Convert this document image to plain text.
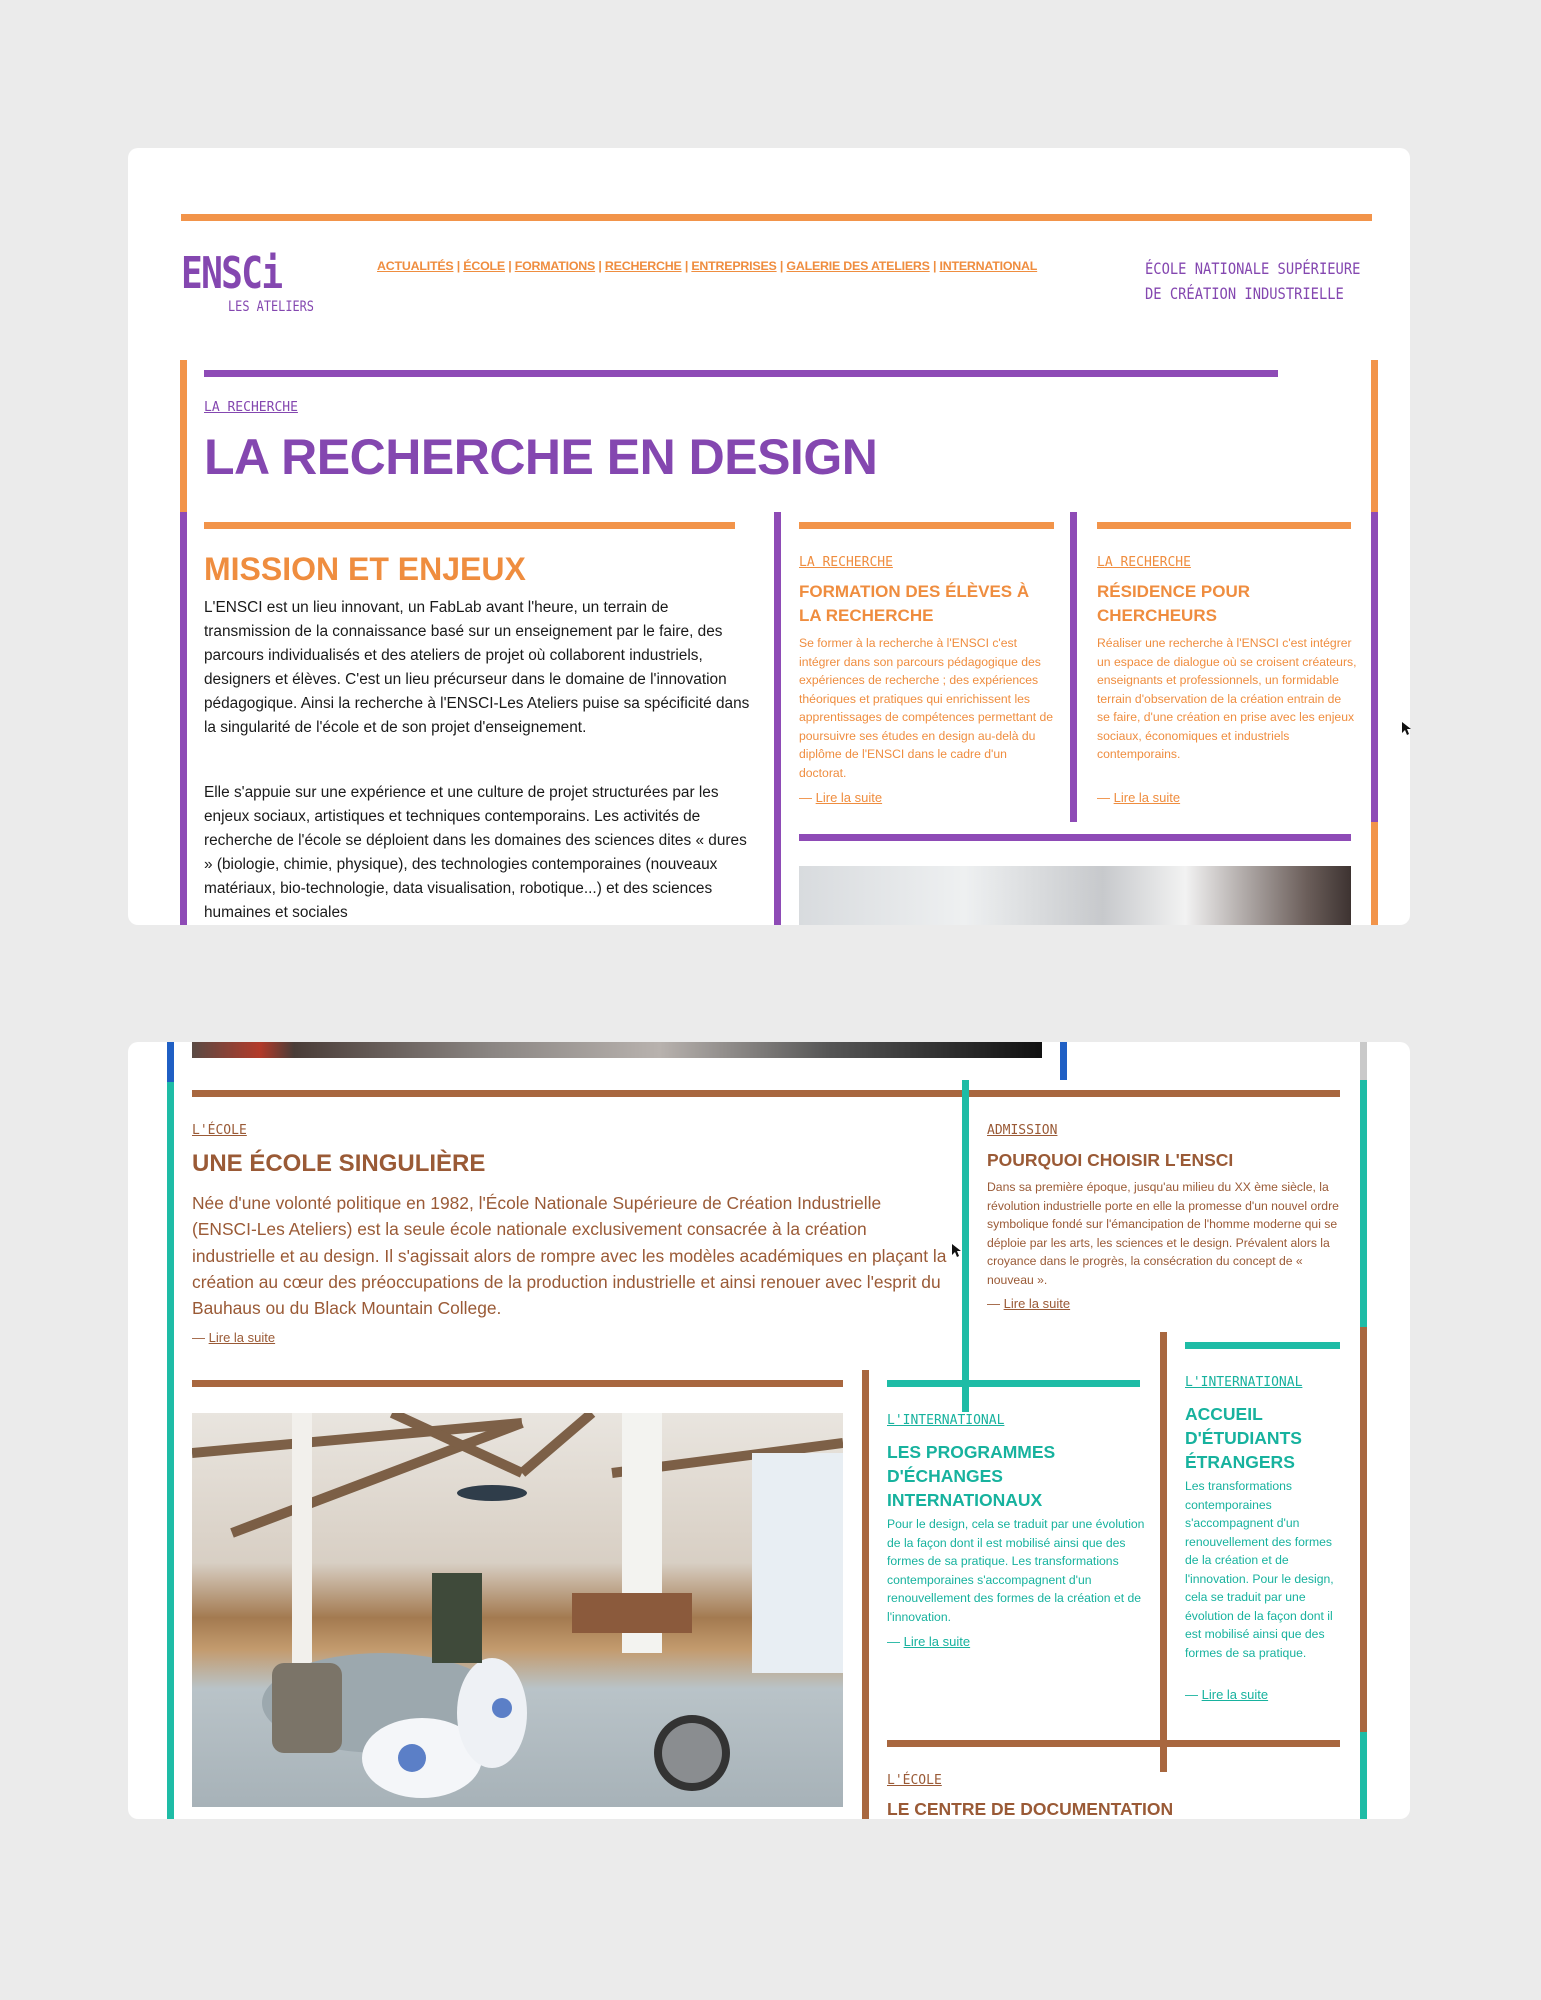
ENSCi
LES ATELIERS
ACTUALITÉS | ÉCOLE | FORMATIONS | RECHERCHE | ENTREPRISES | GALERIE DES ATELIERS | INTERNATIONAL	ÉCOLE NATIONALE SUPÉRIEURE
DE CRÉATION INDUSTRIELLE
LA RECHERCHE
LA RECHERCHE EN DESIGN
MISSION ET ENJEUX

L'ENSCI est un lieu innovant, un FabLab avant l'heure, un terrain de transmission de la connaissance basé sur un enseignement par le faire, des parcours individualisés et des ateliers de projet où collaborent industriels, designers et élèves. C'est un lieu précurseur dans le domaine de l'innovation pédagogique. Ainsi la recherche à l'ENSCI-Les Ateliers puise sa spécificité dans la singularité de l'école et de son projet d'enseignement.

Elle s'appuie sur une expérience et une culture de projet structurées par les enjeux sociaux, artistiques et techniques contemporains. Les activités de recherche de l'école se déploient dans les domaines des sciences dites « dures » (biologie, chimie, physique), des technologies contemporaines (nouveaux matériaux, bio-technologie, data visualisation, robotique...) et des sciences humaines et sociales

LA RECHERCHE
FORMATION DES ÉLÈVES À LA RECHERCHE

Se former à la recherche à l'ENSCI c'est intégrer dans son parcours pédagogique des expériences de recherche ; des expériences théoriques et pratiques qui enrichissent les apprentissages de compétences permettant de poursuivre ses études en design au-delà du diplôme de l'ENSCI dans le cadre d'un doctorat.

— Lire la suite
LA RECHERCHE
RÉSIDENCE POUR CHERCHEURS

Réaliser une recherche à l'ENSCI c'est intégrer un espace de dialogue où se croisent créateurs, enseignants et professionnels, un formidable terrain d'observation de la création entrain de se faire, d'une création en prise avec les enjeux sociaux, économiques et industriels contemporains.

— Lire la suite
L'ÉCOLE
UNE ÉCOLE SINGULIÈRE

Née d'une volonté politique en 1982, l'École Nationale Supérieure de Création Industrielle (ENSCI-Les Ateliers) est la seule école nationale exclusivement consacrée à la création industrielle et au design. Il s'agissait alors de rompre avec les modèles académiques en plaçant la création au cœur des préoccupations de la production industrielle et ainsi renouer avec l'esprit du Bauhaus ou du Black Mountain College.

— Lire la suite
ADMISSION
POURQUOI CHOISIR L'ENSCI

Dans sa première époque, jusqu'au milieu du XX ème siècle, la révolution industrielle porte en elle la promesse d'un nouvel ordre symbolique fondé sur l'émancipation de l'homme moderne qui se déploie par les arts, les sciences et le design. Prévalent alors la croyance dans le progrès, la consécration du concept de « nouveau ».

— Lire la suite
L'INTERNATIONAL
LES PROGRAMMES D'ÉCHANGES INTERNATIONAUX

Pour le design, cela se traduit par une évolution de la façon dont il est mobilisé ainsi que des formes de sa pratique. Les transformations contemporaines s'accompagnent d'un renouvellement des formes de la création et de l'innovation.

— Lire la suite
L'INTERNATIONAL
ACCUEIL D'ÉTUDIANTS ÉTRANGERS

Les transformations contemporaines s'accompagnent d'un renouvellement des formes de la création et de l'innovation. Pour le design, cela se traduit par une évolution de la façon dont il est mobilisé ainsi que des formes de sa pratique.

— Lire la suite
L'ÉCOLE
LE CENTRE DE DOCUMENTATION
